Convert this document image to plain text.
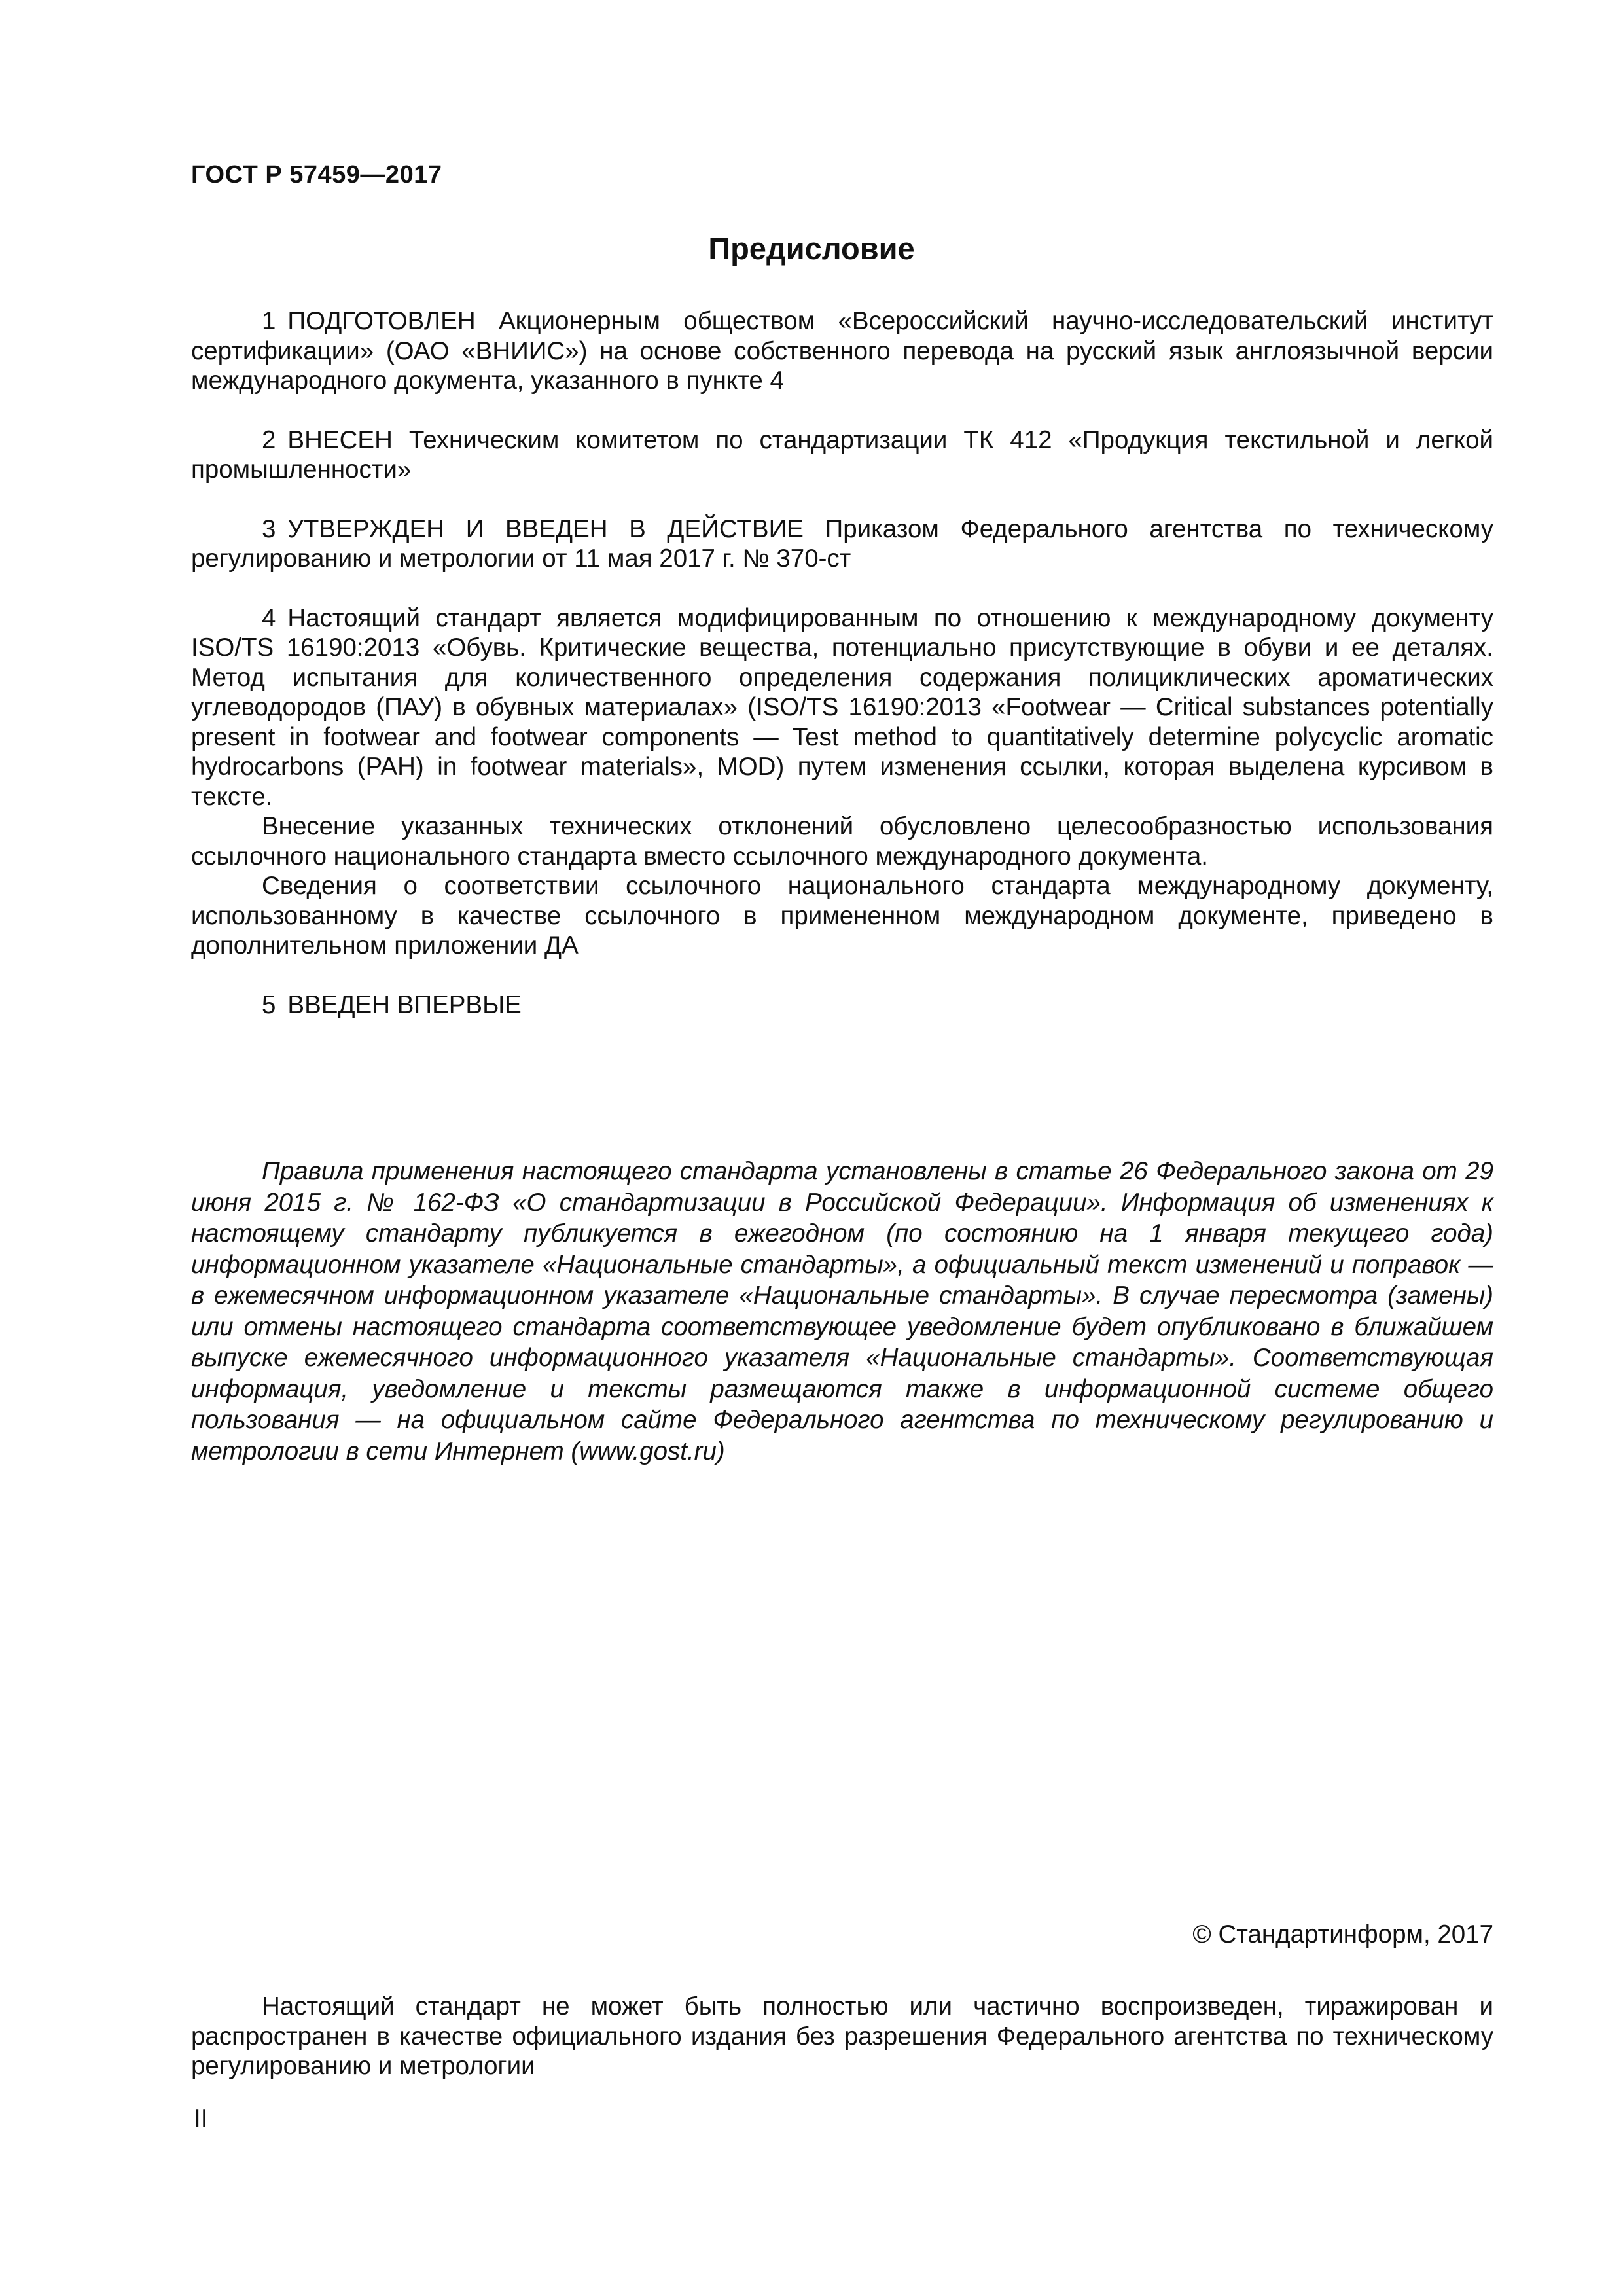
ГОСТ Р 57459—2017
Предисловие

1 ПОДГОТОВЛЕН Акционерным обществом «Всероссийский научно-исследовательский институт сертификации» (ОАО «ВНИИС») на основе собственного перевода на русский язык англоязычной версии международного документа, указанного в пункте 4

2 ВНЕСЕН Техническим комитетом по стандартизации ТК 412 «Продукция текстильной и легкой промышленности»

3 УТВЕРЖДЕН И ВВЕДЕН В ДЕЙСТВИЕ Приказом Федерального агентства по техническому регулированию и метрологии от 11 мая 2017 г. № 370-ст

4 Настоящий стандарт является модифицированным по отношению к международному документу ISO/TS 16190:2013 «Обувь. Критические вещества, потенциально присутствующие в обуви и ее деталях. Метод испытания для количественного определения содержания полициклических ароматических углеводородов (ПАУ) в обувных материалах» (ISO/TS 16190:2013 «Footwear — Critical substances potentially present in footwear and footwear components — Test method to quantitatively determine polycyclic aromatic hydrocarbons (PAH) in footwear materials», MOD) путем изменения ссылки, которая выделена курсивом в тексте.

Внесение указанных технических отклонений обусловлено целесообразностью использования ссылочного национального стандарта вместо ссылочного международного документа.

Сведения о соответствии ссылочного национального стандарта международному документу, использованному в качестве ссылочного в примененном международном документе, приведено в дополнительном приложении ДА

5 ВВЕДЕН ВПЕРВЫЕ

Правила применения настоящего стандарта установлены в статье 26 Федерального закона от 29 июня 2015 г. № 162-ФЗ «О стандартизации в Российской Федерации». Информация об изменениях к настоящему стандарту публикуется в ежегодном (по состоянию на 1 января текущего года) информационном указателе «Национальные стандарты», а официальный текст изменений и поправок — в ежемесячном информационном указателе «Национальные стандарты». В случае пересмотра (замены) или отмены настоящего стандарта соответствующее уведомление будет опубликовано в ближайшем выпуске ежемесячного информационного указателя «Национальные стандарты». Соответствующая информация, уведомление и тексты размещаются также в информационной системе общего пользования — на официальном сайте Федерального агентства по техническому регулированию и метрологии в сети Интернет (www.gost.ru)

© Стандартинформ, 2017

Настоящий стандарт не может быть полностью или частично воспроизведен, тиражирован и распространен в качестве официального издания без разрешения Федерального агентства по техническому регулированию и метрологии

II
